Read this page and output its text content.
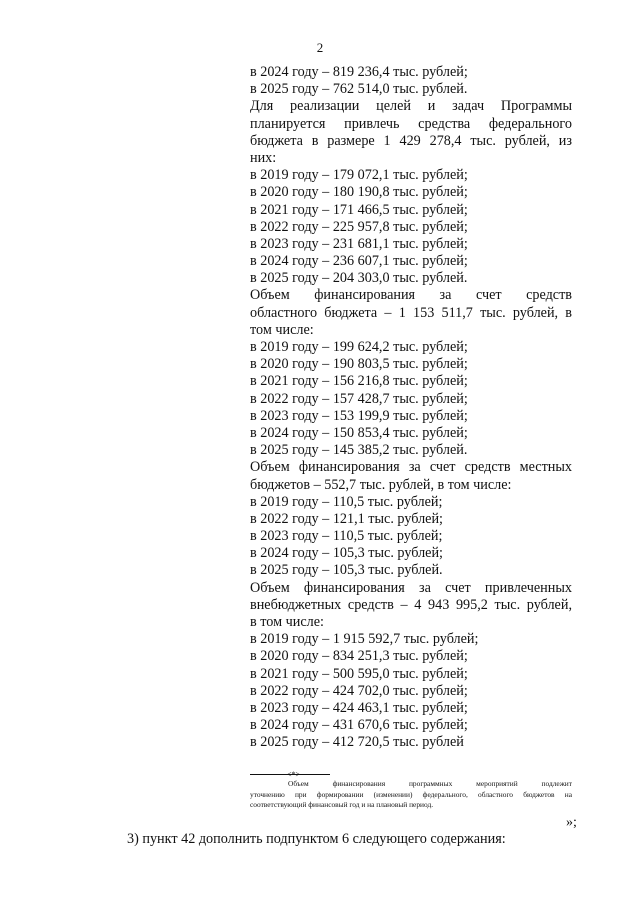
2
в 2024 году – 819 236,4 тыс. рублей;
в 2025 году – 762 514,0 тыс. рублей.
Для реализации целей и задач Программы
планируется привлечь средства федерального
бюджета в размере 1 429 278,4 тыс. рублей, из
них:
в 2019 году – 179 072,1 тыс. рублей;
в 2020 году – 180 190,8 тыс. рублей;
в 2021 году – 171 466,5 тыс. рублей;
в 2022 году – 225 957,8 тыс. рублей;
в 2023 году – 231 681,1 тыс. рублей;
в 2024 году – 236 607,1 тыс. рублей;
в 2025 году – 204 303,0 тыс. рублей.
Объем финансирования за счет средств
областного бюджета – 1 153 511,7 тыс. рублей, в
том числе:
в 2019 году – 199 624,2 тыс. рублей;
в 2020 году – 190 803,5 тыс. рублей;
в 2021 году – 156 216,8 тыс. рублей;
в 2022 году – 157 428,7 тыс. рублей;
в 2023 году – 153 199,9 тыс. рублей;
в 2024 году – 150 853,4 тыс. рублей;
в 2025 году – 145 385,2 тыс. рублей.
Объем финансирования за счет средств местных
бюджетов – 552,7 тыс. рублей, в том числе:
в 2019 году – 110,5 тыс. рублей;
в 2022 году – 121,1 тыс. рублей;
в 2023 году – 110,5 тыс. рублей;
в 2024 году – 105,3 тыс. рублей;
в 2025 году – 105,3 тыс. рублей.
Объем финансирования за счет привлеченных
внебюджетных средств – 4 943 995,2 тыс. рублей,
в том числе:
в 2019 году – 1 915 592,7 тыс. рублей;
в 2020 году – 834 251,3 тыс. рублей;
в 2021 году – 500 595,0 тыс. рублей;
в 2022 году – 424 702,0 тыс. рублей;
в 2023 году – 424 463,1 тыс. рублей;
в 2024 году – 431 670,6 тыс. рублей;
в 2025 году – 412 720,5 тыс. рублей
<*>
Объем финансирования программных мероприятий подлежит
уточнению при формировании (изменении) федерального, областного бюджетов на
соответствующий финансовый год и на плановый период.
»;
3) пункт 42 дополнить подпунктом 6 следующего содержания:
